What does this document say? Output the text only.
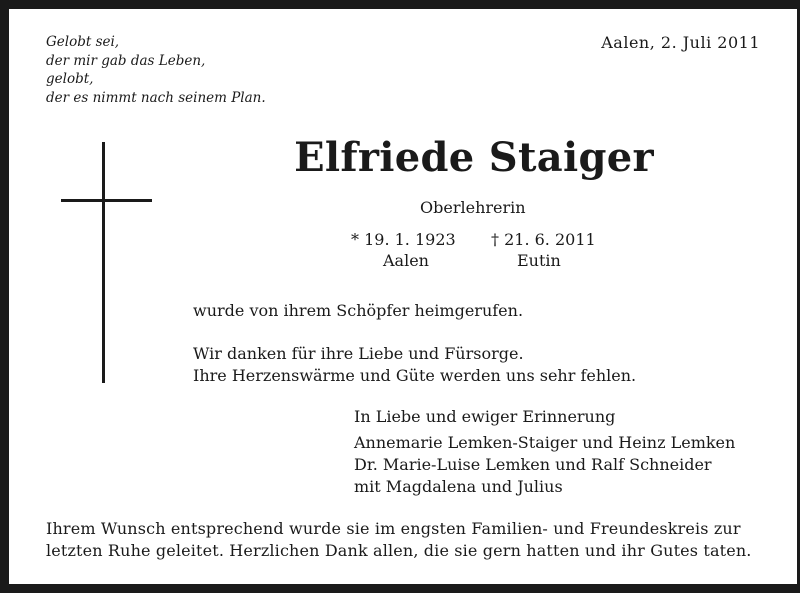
Gelobt sei,
der mir gab das Leben,
gelobt,
der es nimmt nach seinem Plan.
Aalen, 2. Juli 2011
Elfriede Staiger
Oberlehrerin
* 19. 1. 1923
Aalen
† 21. 6. 2011
Eutin
wurde von ihrem Schöpfer heimgerufen.
Wir danken für ihre Liebe und Fürsorge.
Ihre Herzenswärme und Güte werden uns sehr fehlen.
In Liebe und ewiger Erinnerung
Annemarie Lemken-Staiger und Heinz Lemken
Dr. Marie-Luise Lemken und Ralf Schneider
mit Magdalena und Julius
Ihrem Wunsch entsprechend wurde sie im engsten Familien- und Freundeskreis zur
letzten Ruhe geleitet. Herzlichen Dank allen, die sie gern hatten und ihr Gutes taten.
